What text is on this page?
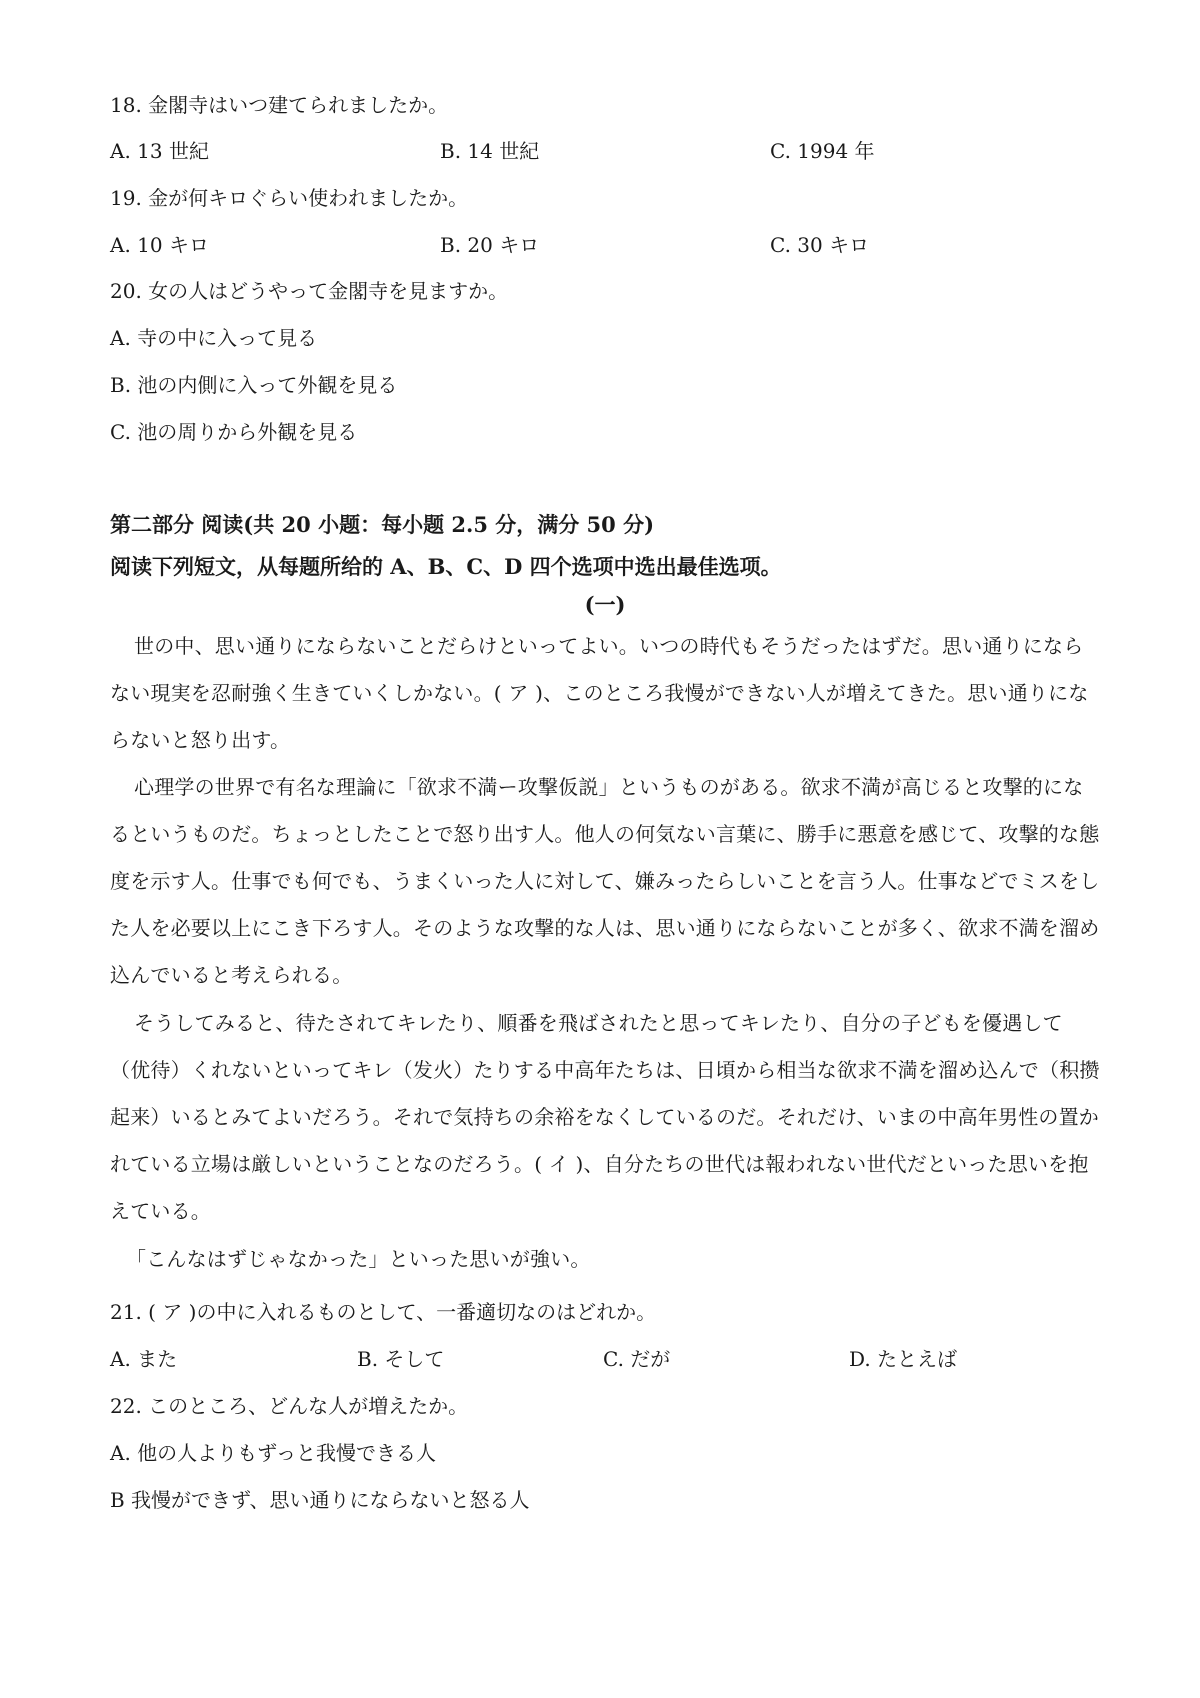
18. 金閣寺はいつ建てられましたか。
A. 13 世紀	B. 14 世紀	C. 1994 年
19. 金が何キロぐらい使われましたか。
A. 10 キロ	B. 20 キロ	C. 30 キロ
20. 女の人はどうやって金閣寺を見ますか。
A. 寺の中に入って見る
B. 池の内側に入って外観を見る
C. 池の周りから外観を見る
第二部分 阅读(共 20 小题：每小题 2.5 分，满分 50 分)
阅读下列短文，从每题所给的 A、B、C、D 四个选项中选出最佳选项。
(一)
世の中、思い通りにならないことだらけといってよい。いつの時代もそうだったはずだ。思い通りにならない現実を忍耐強く生きていくしかない。( ア )、このところ我慢ができない人が増えてきた。思い通りにならないと怒り出す。
心理学の世界で有名な理論に「欲求不満ー攻撃仮説」というものがある。欲求不満が高じると攻撃的になるというものだ。ちょっとしたことで怒り出す人。他人の何気ない言葉に、勝手に悪意を感じて、攻撃的な態度を示す人。仕事でも何でも、うまくいった人に対して、嫌みったらしいことを言う人。仕事などでミスをした人を必要以上にこき下ろす人。そのような攻撃的な人は、思い通りにならないことが多く、欲求不満を溜め込んでいると考えられる。
そうしてみると、待たされてキレたり、順番を飛ばされたと思ってキレたり、自分の子どもを優遇して（优待）くれないといってキレ（发火）たりする中高年たちは、日頃から相当な欲求不満を溜め込んで（积攒起来）いるとみてよいだろう。それで気持ちの余裕をなくしているのだ。それだけ、いまの中高年男性の置かれている立場は厳しいということなのだろう。( イ )、自分たちの世代は報われない世代だといった思いを抱えている。
「こんなはずじゃなかった」といった思いが強い。
21. ( ア )の中に入れるものとして、一番適切なのはどれか。
A. また	B. そして	C. だが	D. たとえば
22. このところ、どんな人が増えたか。
A. 他の人よりもずっと我慢できる人
B 我慢ができず、思い通りにならないと怒る人
